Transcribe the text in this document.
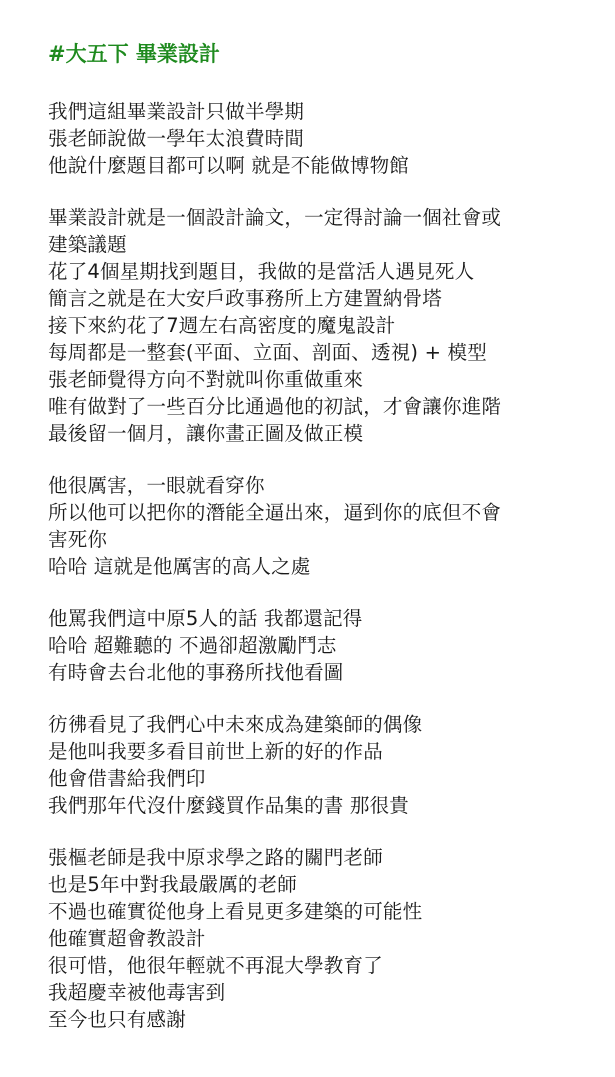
#大五下 畢業設計
我們這組畢業設計只做半學期
張老師說做一學年太浪費時間
他說什麼題目都可以啊 就是不能做博物館
畢業設計就是一個設計論文，一定得討論一個社會或
建築議題
花了4個星期找到題目，我做的是當活人遇見死人
簡言之就是在大安戶政事務所上方建置納骨塔
接下來約花了7週左右高密度的魔鬼設計
每周都是一整套(平面、立面、剖面、透視) + 模型
張老師覺得方向不對就叫你重做重來
唯有做對了一些百分比通過他的初試，才會讓你進階
最後留一個月，讓你畫正圖及做正模
他很厲害，一眼就看穿你
所以他可以把你的潛能全逼出來，逼到你的底但不會
害死你
哈哈 這就是他厲害的高人之處
他罵我們這中原5人的話 我都還記得
哈哈 超難聽的 不過卻超激勵鬥志
有時會去台北他的事務所找他看圖
彷彿看見了我們心中未來成為建築師的偶像
是他叫我要多看目前世上新的好的作品
他會借書給我們印
我們那年代沒什麼錢買作品集的書 那很貴
張樞老師是我中原求學之路的關門老師
也是5年中對我最嚴厲的老師
不過也確實從他身上看見更多建築的可能性
他確實超會教設計
很可惜，他很年輕就不再混大學教育了
我超慶幸被他毒害到
至今也只有感謝
